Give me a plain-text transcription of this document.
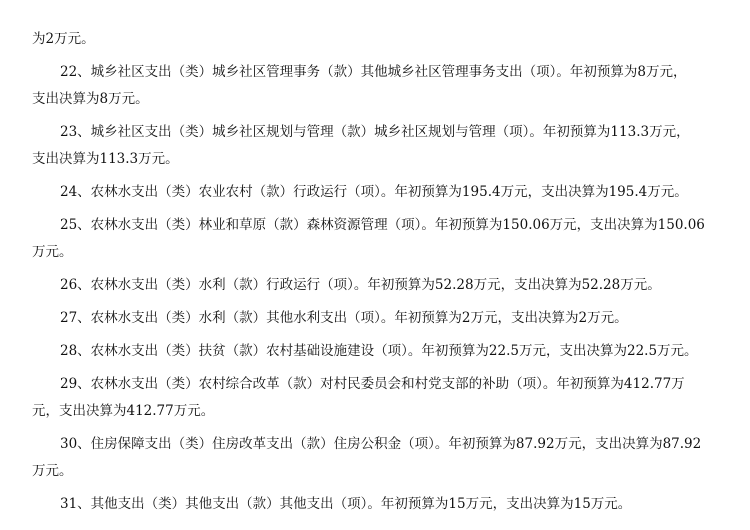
为2万元。
22、城乡社区支出（类）城乡社区管理事务（款）其他城乡社区管理事务支出（项）。年初预算为8万元，
支出决算为8万元。
23、城乡社区支出（类）城乡社区规划与管理（款）城乡社区规划与管理（项）。年初预算为113.3万元，
支出决算为113.3万元。
24、农林水支出（类）农业农村（款）行政运行（项）。年初预算为195.4万元，支出决算为195.4万元。
25、农林水支出（类）林业和草原（款）森林资源管理（项）。年初预算为150.06万元，支出决算为150.06
万元。
26、农林水支出（类）水利（款）行政运行（项）。年初预算为52.28万元，支出决算为52.28万元。
27、农林水支出（类）水利（款）其他水利支出（项）。年初预算为2万元，支出决算为2万元。
28、农林水支出（类）扶贫（款）农村基础设施建设（项）。年初预算为22.5万元，支出决算为22.5万元。
29、农林水支出（类）农村综合改革（款）对村民委员会和村党支部的补助（项）。年初预算为412.77万
元，支出决算为412.77万元。
30、住房保障支出（类）住房改革支出（款）住房公积金（项）。年初预算为87.92万元，支出决算为87.92
万元。
31、其他支出（类）其他支出（款）其他支出（项）。年初预算为15万元，支出决算为15万元。
